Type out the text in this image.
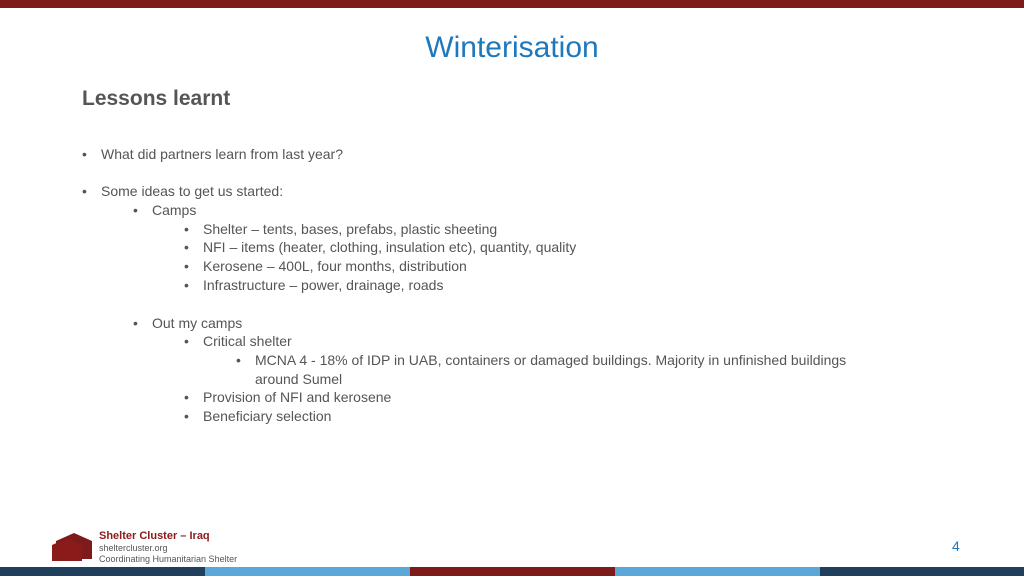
Winterisation
Lessons learnt
• What did partners learn from last year?
• Some ideas to get us started:
• Camps
• Shelter – tents, bases, prefabs, plastic sheeting
• NFI – items (heater, clothing, insulation etc), quantity, quality
• Kerosene – 400L, four months, distribution
• Infrastructure – power, drainage, roads
• Out my camps
• Critical shelter
• MCNA 4 - 18% of IDP in UAB, containers or damaged buildings. Majority in unfinished buildings around Sumel
• Provision of NFI and kerosene
• Beneficiary selection
Shelter Cluster – Iraq
sheltercluster.org
Coordinating Humanitarian Shelter
4
